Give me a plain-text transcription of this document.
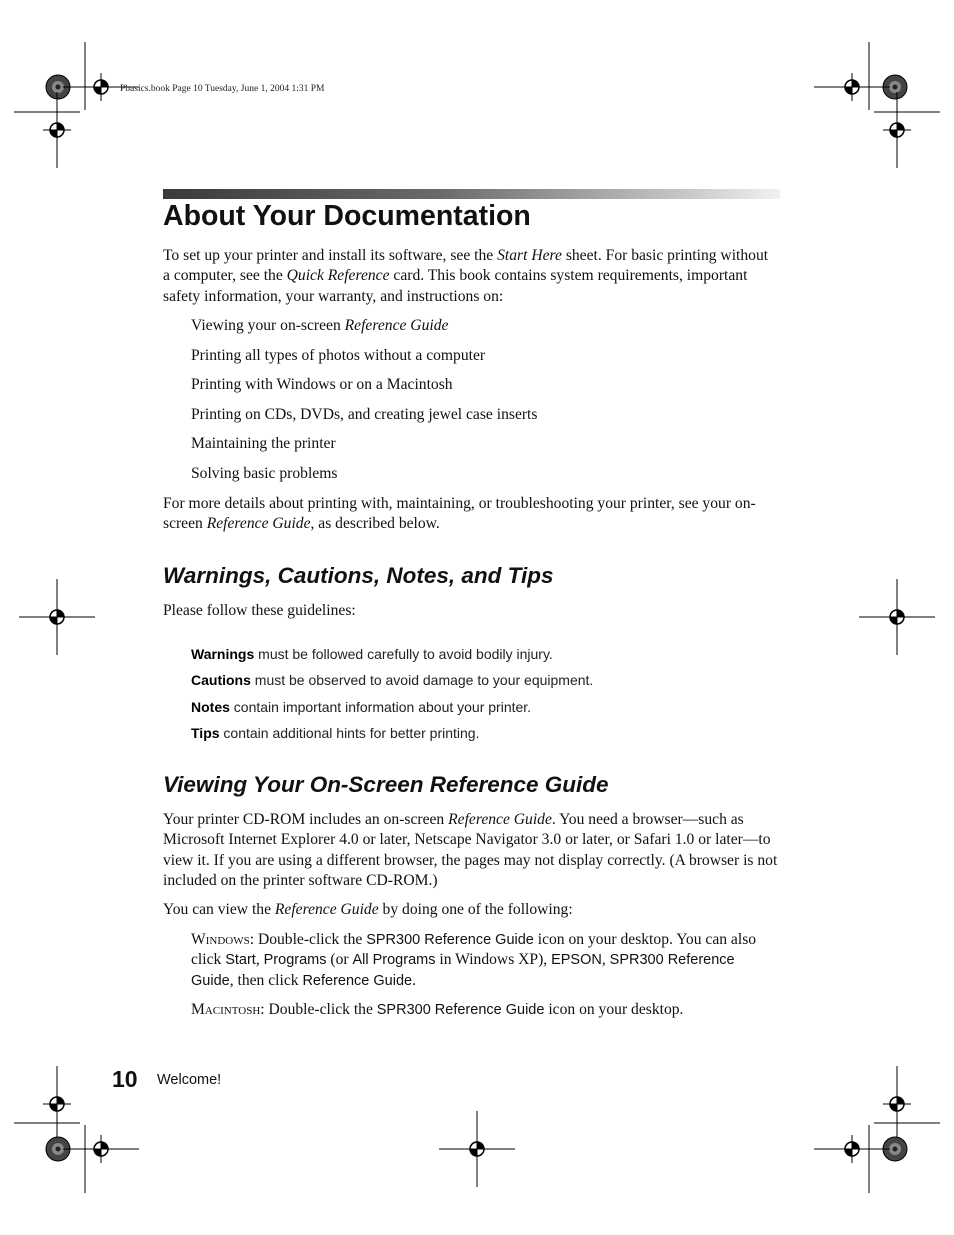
Pbasics.book Page 10 Tuesday, June 1, 2004 1:31 PM
About Your Documentation

To set up your printer and install its software, see the Start Here sheet. For basic printing without a computer, see the Quick Reference card. This book contains system requirements, important safety information, your warranty, and instructions on:

Viewing your on-screen Reference Guide

Printing all types of photos without a computer

Printing with Windows or on a Macintosh

Printing on CDs, DVDs, and creating jewel case inserts

Maintaining the printer

Solving basic problems

For more details about printing with, maintaining, or troubleshooting your printer, see your on-screen Reference Guide, as described below.

Warnings, Cautions, Notes, and Tips

Please follow these guidelines:

Warnings must be followed carefully to avoid bodily injury.

Cautions must be observed to avoid damage to your equipment.

Notes contain important information about your printer.

Tips contain additional hints for better printing.

Viewing Your On-Screen Reference Guide

Your printer CD-ROM includes an on-screen Reference Guide. You need a browser—such as Microsoft Internet Explorer 4.0 or later, Netscape Navigator 3.0 or later, or Safari 1.0 or later—to view it. If you are using a different browser, the pages may not display correctly. (A browser is not included on the printer software CD-ROM.)

You can view the Reference Guide by doing one of the following:

Windows: Double-click the SPR300 Reference Guide icon on your desktop. You can also click Start, Programs (or All Programs in Windows XP), EPSON, SPR300 Reference Guide, then click Reference Guide.

Macintosh: Double-click the SPR300 Reference Guide icon on your desktop.

10 Welcome!
